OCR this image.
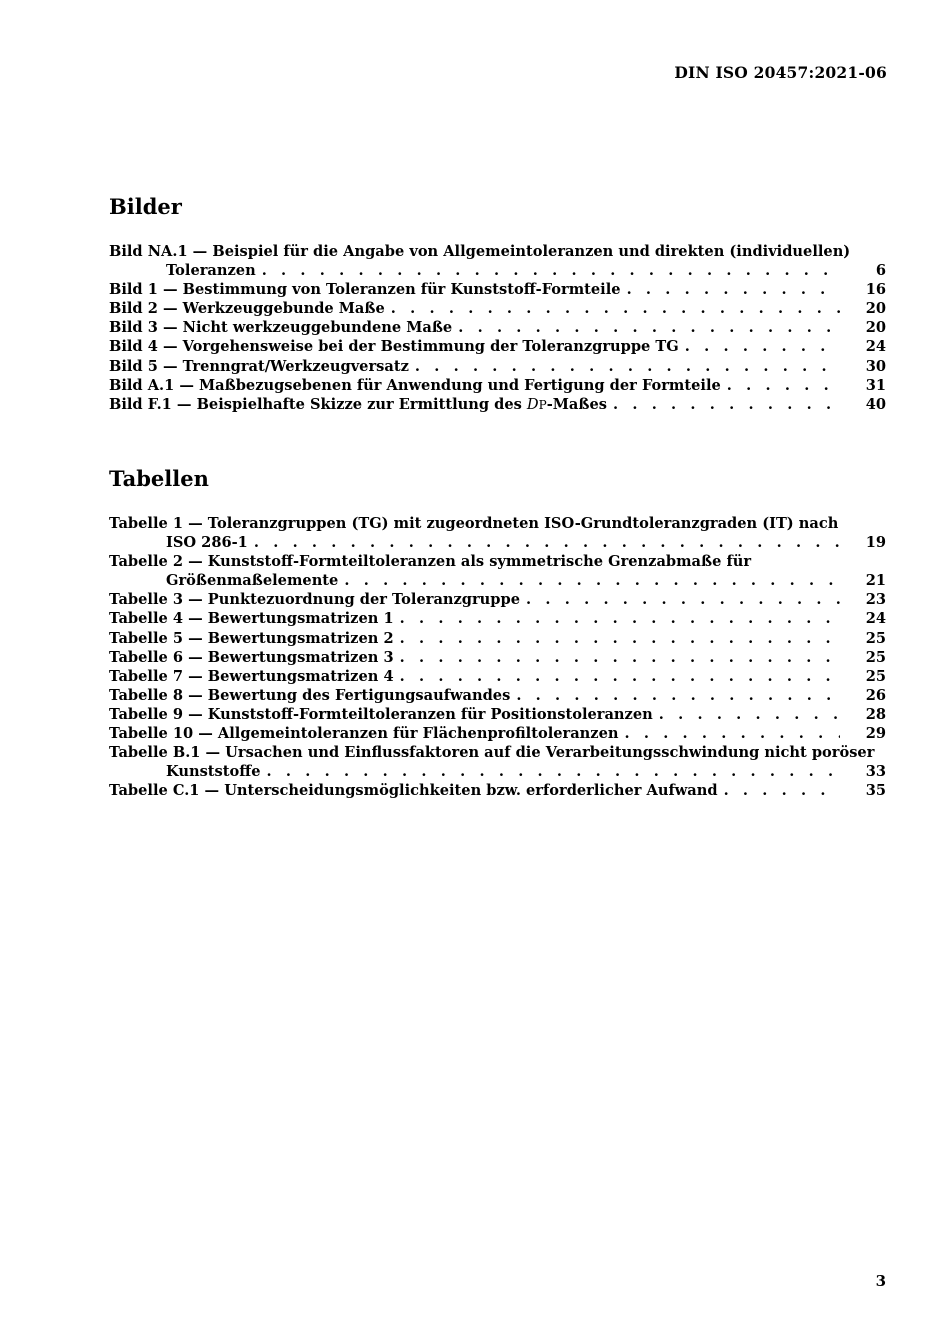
DIN ISO 20457:2021-06
Bilder
Bild NA.1 — Beispiel für die Angabe von Allgemeintoleranzen und direkten (individuellen)
Toleranzen . . .	6
Bild 1 — Bestimmung von Toleranzen für Kunststoff-Formteile . . .	16
Bild 2 — Werkzeuggebunde Maße . . .	20
Bild 3 — Nicht werkzeuggebundene Maße . . .	20
Bild 4 — Vorgehensweise bei der Bestimmung der Toleranzgruppe TG . . .	24
Bild 5 — Trenngrat/Werkzeugversatz . . .	30
Bild A.1 — Maßbezugsebenen für Anwendung und Fertigung der Formteile . . .	31
Bild F.1 — Beispielhafte Skizze zur Ermittlung des DP-Maßes . . .	40
Tabellen
Tabelle 1 — Toleranzgruppen (TG) mit zugeordneten ISO-Grundtoleranzgraden (IT) nach
ISO 286-1 . . .	19
Tabelle 2 — Kunststoff-Formteiltoleranzen als symmetrische Grenzabmaße für
Größenmaßelemente . . .	21
Tabelle 3 — Punktezuordnung der Toleranzgruppe . . .	23
Tabelle 4 — Bewertungsmatrizen 1 . . .	24
Tabelle 5 — Bewertungsmatrizen 2 . . .	25
Tabelle 6 — Bewertungsmatrizen 3 . . .	25
Tabelle 7 — Bewertungsmatrizen 4 . . .	25
Tabelle 8 — Bewertung des Fertigungsaufwandes . . .	26
Tabelle 9 — Kunststoff-Formteiltoleranzen für Positionstoleranzen . . .	28
Tabelle 10 — Allgemeintoleranzen für Flächenprofiltoleranzen . . .	29
Tabelle B.1 — Ursachen und Einflussfaktoren auf die Verarbeitungsschwindung nicht poröser
Kunststoffe . . .	33
Tabelle C.1 — Unterscheidungsmöglichkeiten bzw. erforderlicher Aufwand . . .	35
3
